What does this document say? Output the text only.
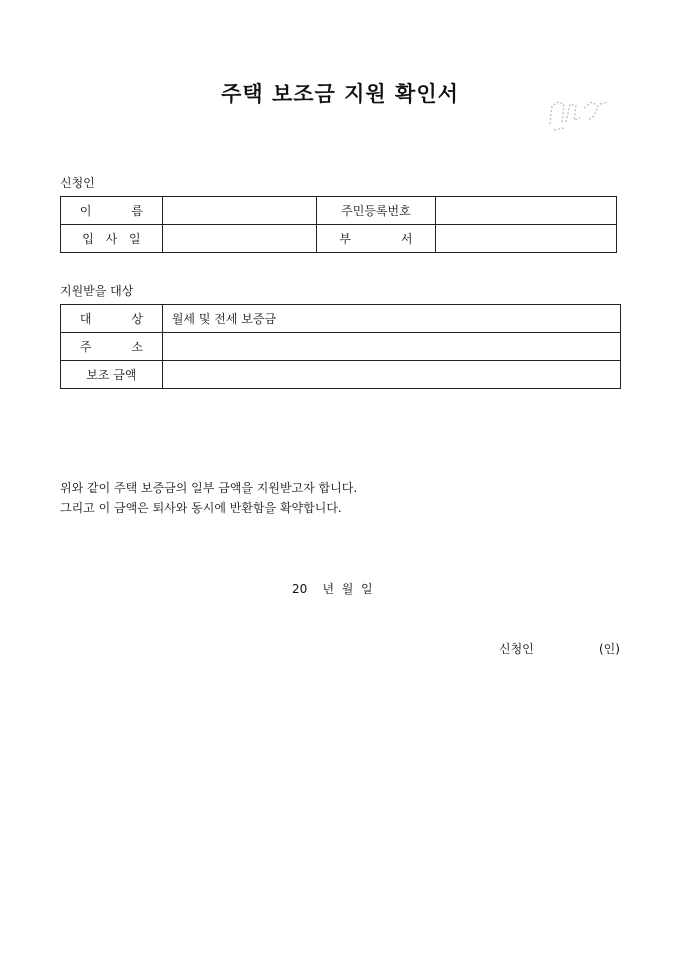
주택 보조금 지원 확인서
신청인
이 름		주민등록번호	
입 사 일		부 서	
지원받을 대상
대 상	월세 및 전세 보증금
주 소	
보조 금액	
위와 같이 주택 보증금의 일부 금액을 지원받고자 합니다.
그리고 이 금액은 퇴사와 동시에 반환함을 확약합니다.
20 년 월 일
신청인	(인)
